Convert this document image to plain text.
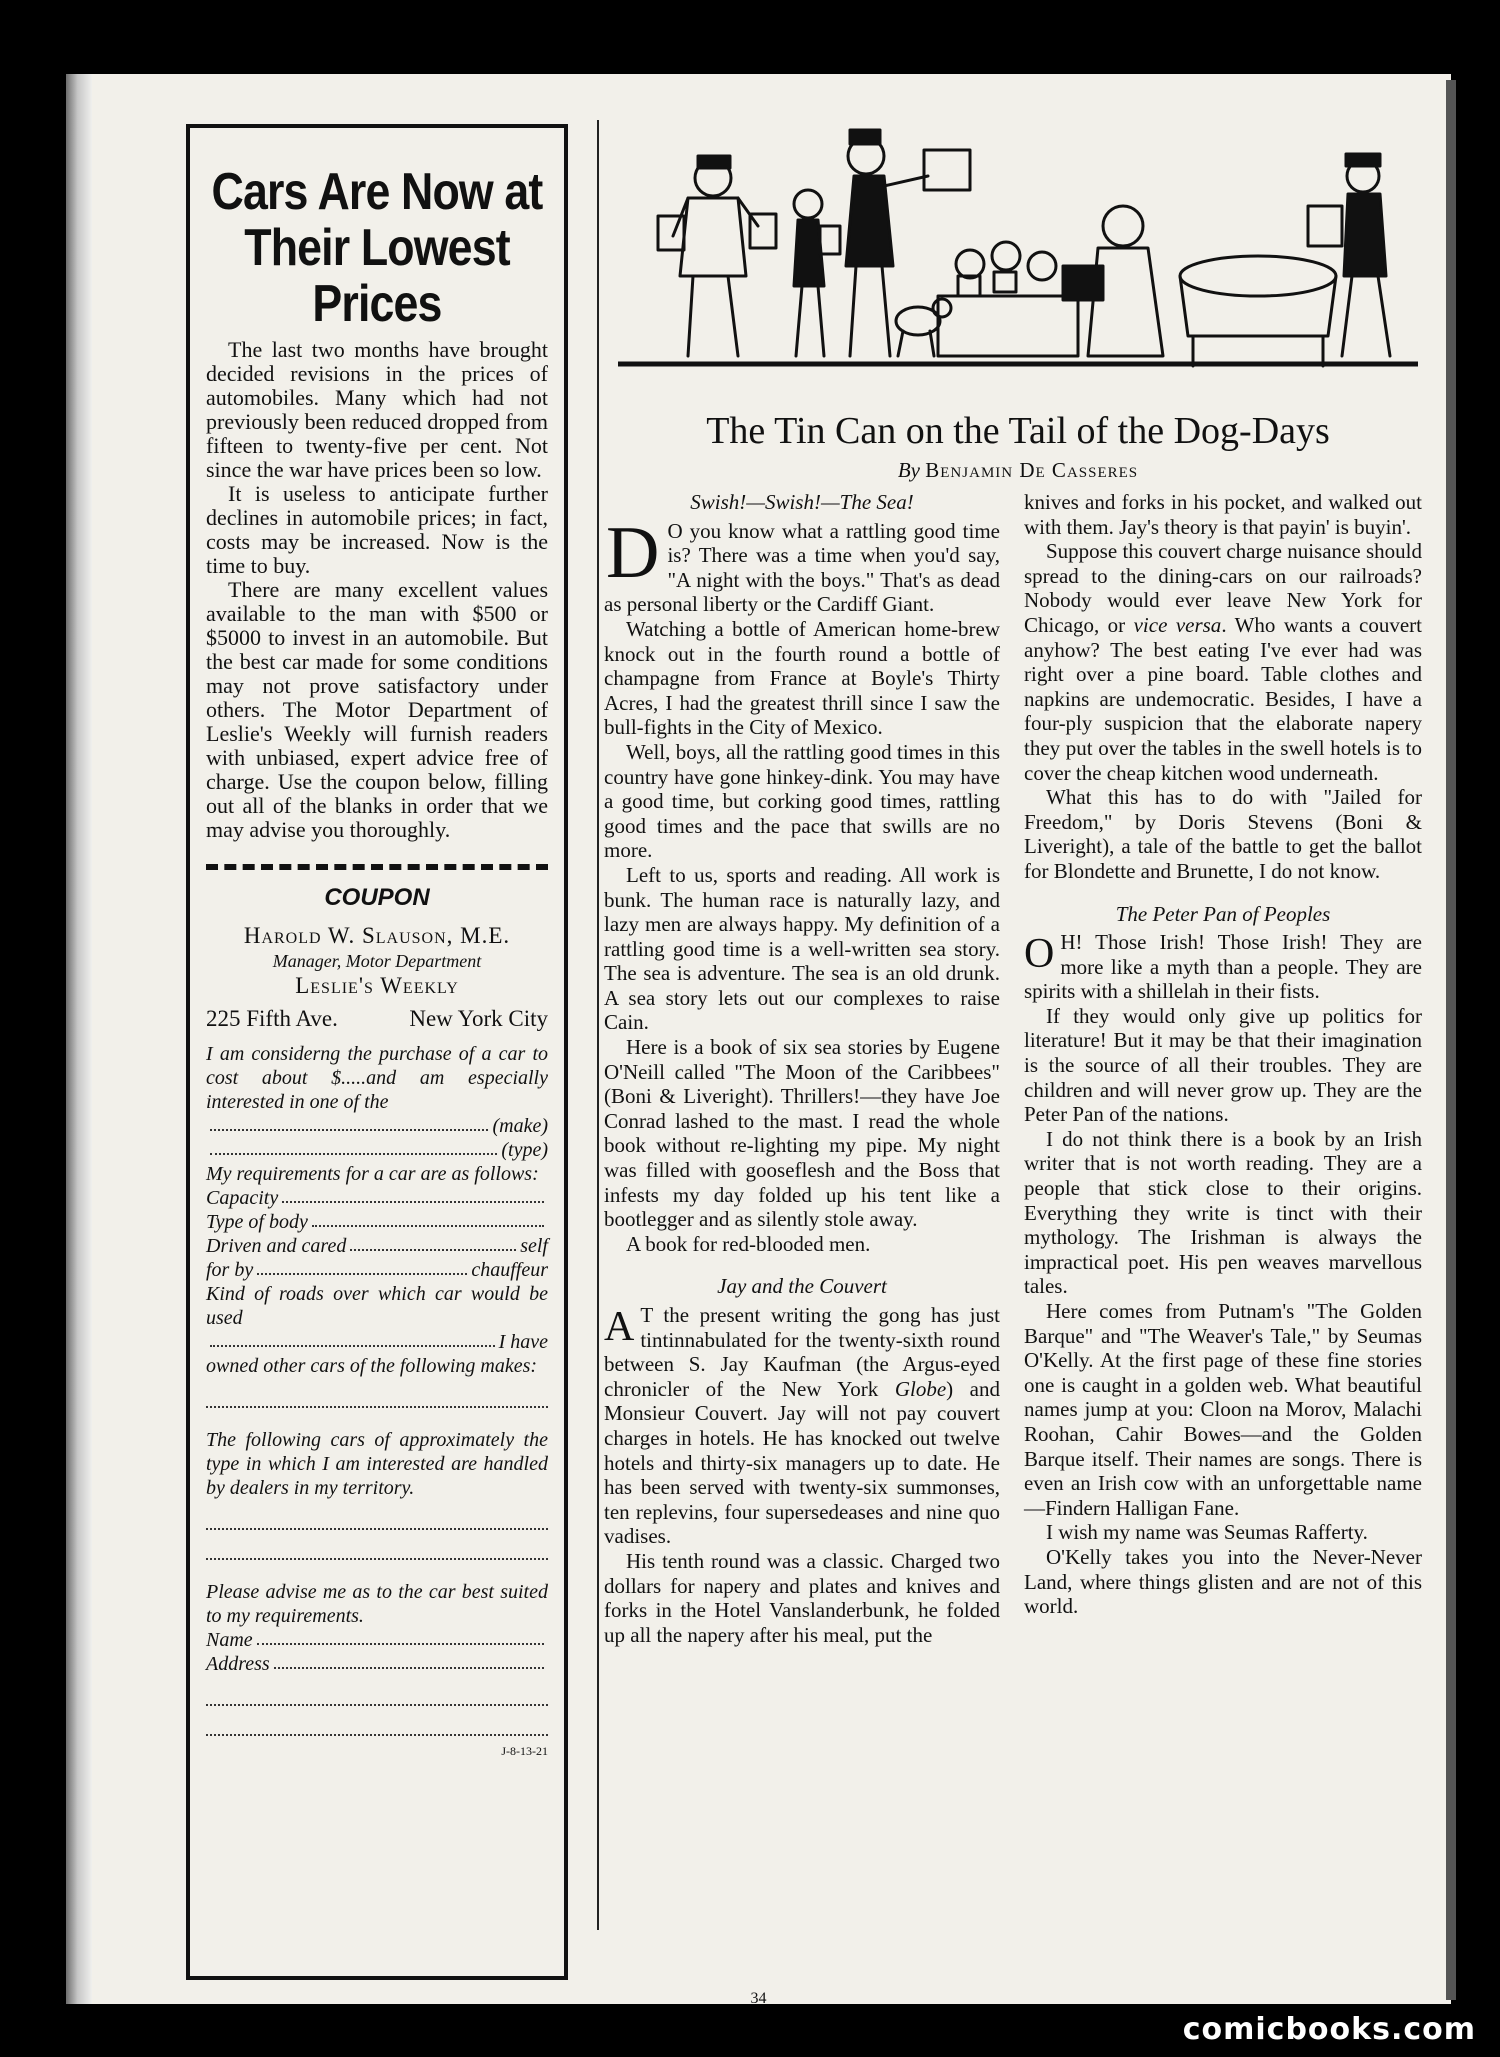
34
Cars Are Now at
Their Lowest Prices

The last two months have brought decided revisions in the prices of automobiles. Many which had not previously been reduced dropped from fifteen to twenty-five per cent. Not since the war have prices been so low.

It is useless to anticipate further declines in automobile prices; in fact, costs may be increased. Now is the time to buy.

There are many excellent values available to the man with $500 or $5000 to invest in an automobile. But the best car made for some conditions may not prove satisfactory under others. The Motor Department of Leslie's Weekly will furnish readers with unbiased, expert advice free of charge. Use the coupon below, filling out all of the blanks in order that we may advise you thoroughly.

COUPON
Harold W. Slauson, M.E.
Manager, Motor Department
Leslie's Weekly
225 Fifth Ave.	New York City

I am considerng the purchase of a car to cost about $.....and am especially interested in one of the

(make)
(type)

My requirements for a car are as follows:

Capacity
Type of body
Driven and cared	self
for by	chauffeur

Kind of roads over which car would be used

I have

owned other cars of the following makes:

The following cars of approximately the type in which I am interested are handled by dealers in my territory.

Please advise me as to the car best suited to my requirements.

Name
Address
J-8-13-21
The Tin Can on the Tail of the Dog-Days
By Benjamin De Casseres

Swish!—Swish!—The Sea!

D O you know what a rattling good time is? There was a time when you'd say, "A night with the boys." That's as dead as personal liberty or the Cardiff Giant.

Watching a bottle of American home-brew knock out in the fourth round a bottle of champagne from France at Boyle's Thirty Acres, I had the greatest thrill since I saw the bull-fights in the City of Mexico.

Well, boys, all the rattling good times in this country have gone hinkey-dink. You may have a good time, but corking good times, rattling good times and the pace that swills are no more.

Left to us, sports and reading. All work is bunk. The human race is naturally lazy, and lazy men are always happy. My definition of a rattling good time is a well-written sea story. The sea is adventure. The sea is an old drunk. A sea story lets out our complexes to raise Cain.

Here is a book of six sea stories by Eugene O'Neill called "The Moon of the Caribbees" (Boni & Liveright). Thrillers!—they have Joe Conrad lashed to the mast. I read the whole book without re-lighting my pipe. My night was filled with gooseflesh and the Boss that infests my day folded up his tent like a bootlegger and as silently stole away.

A book for red-blooded men.

Jay and the Couvert

A T the present writing the gong has just tintinnabulated for the twenty-sixth round between S. Jay Kaufman (the Argus-eyed chronicler of the New York Globe) and Monsieur Couvert. Jay will not pay couvert charges in hotels. He has knocked out twelve hotels and thirty-six managers up to date. He has been served with twenty-six summonses, ten replevins, four supersedeases and nine quo vadises.

His tenth round was a classic. Charged two dollars for napery and plates and knives and forks in the Hotel Vanslanderbunk, he folded up all the napery after his meal, put the

knives and forks in his pocket, and walked out with them. Jay's theory is that payin' is buyin'.

Suppose this couvert charge nuisance should spread to the dining-cars on our railroads? Nobody would ever leave New York for Chicago, or vice versa. Who wants a couvert anyhow? The best eating I've ever had was right over a pine board. Table clothes and napkins are undemocratic. Besides, I have a four-ply suspicion that the elaborate napery they put over the tables in the swell hotels is to cover the cheap kitchen wood underneath.

What this has to do with "Jailed for Freedom," by Doris Stevens (Boni & Liveright), a tale of the battle to get the ballot for Blondette and Brunette, I do not know.

The Peter Pan of Peoples

O H! Those Irish! Those Irish! They are more like a myth than a people. They are spirits with a shillelah in their fists.

If they would only give up politics for literature! But it may be that their imagination is the source of all their troubles. They are children and will never grow up. They are the Peter Pan of the nations.

I do not think there is a book by an Irish writer that is not worth reading. They are a people that stick close to their origins. Everything they write is tinct with their mythology. The Irishman is always the impractical poet. His pen weaves marvellous tales.

Here comes from Putnam's "The Golden Barque" and "The Weaver's Tale," by Seumas O'Kelly. At the first page of these fine stories one is caught in a golden web. What beautiful names jump at you: Cloon na Morov, Malachi Roohan, Cahir Bowes—and the Golden Barque itself. Their names are songs. There is even an Irish cow with an unforgettable name—Findern Halligan Fane.

I wish my name was Seumas Rafferty.

O'Kelly takes you into the Never-Never Land, where things glisten and are not of this world.

comicbooks.com
